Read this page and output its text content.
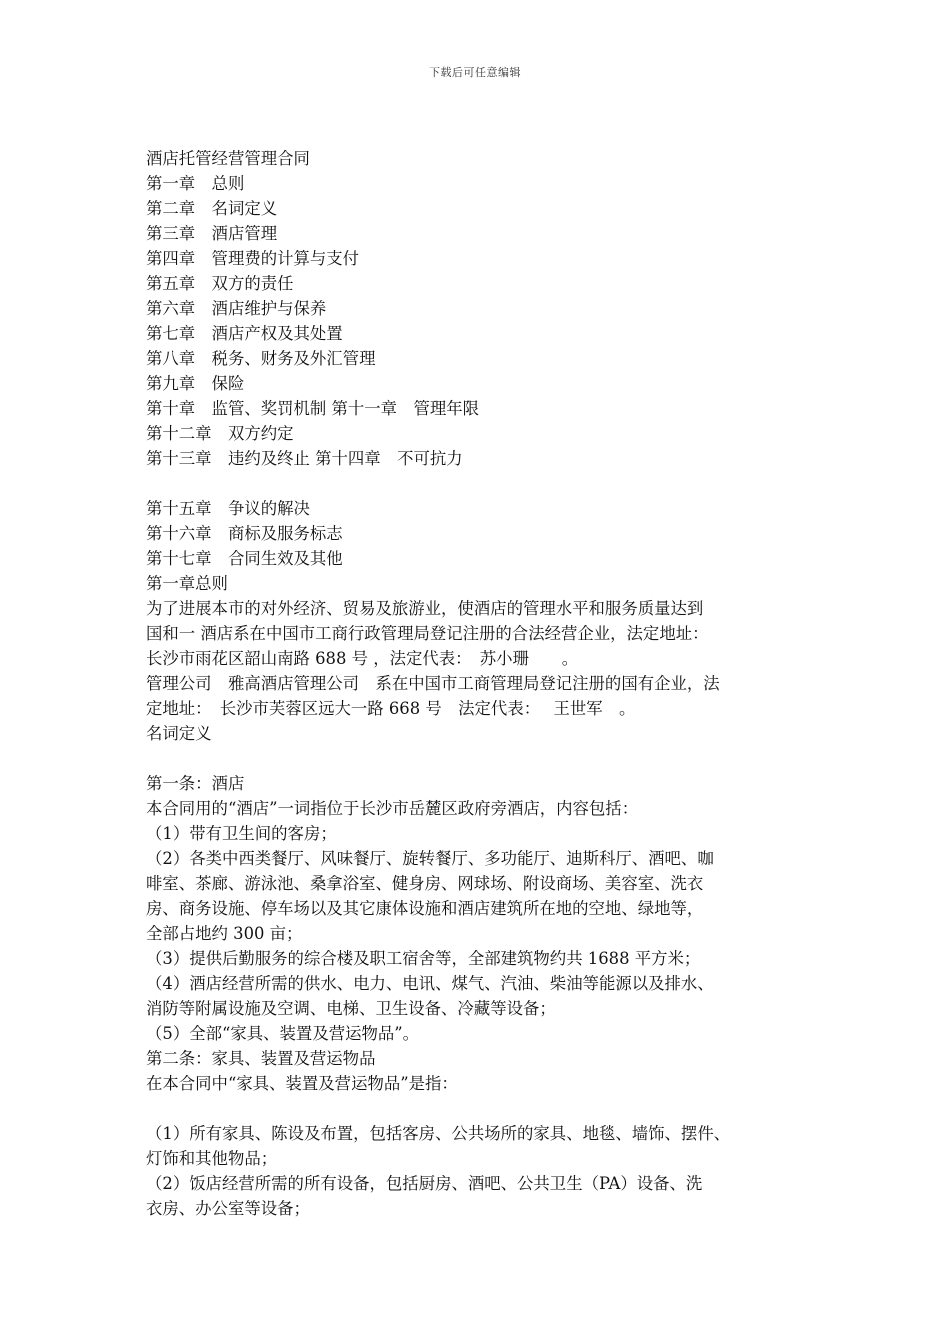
下载后可任意编辑
酒店托管经营管理合同
第一章　总则
第二章　名词定义
第三章　酒店管理
第四章　管理费的计算与支付
第五章　双方的责任
第六章　酒店维护与保养
第七章　酒店产权及其处置
第八章　税务、财务及外汇管理
第九章　保险
第十章　监管、奖罚机制 第十一章　管理年限
第十二章　双方约定
第十三章　违约及终止 第十四章　不可抗力
第十五章　争议的解决
第十六章　商标及服务标志
第十七章　合同生效及其他
第一章总则
为了进展本市的对外经济、贸易及旅游业，使酒店的管理水平和服务质量达到
国和一 酒店系在中国市工商行政管理局登记注册的合法经营企业，法定地址：
长沙市雨花区韶山南路 688 号 ，法定代表：　苏小珊　　。
管理公司　雅高酒店管理公司　系在中国市工商管理局登记注册的国有企业，法
定地址：　长沙市芙蓉区远大一路 668 号　法定代表：　 王世军　。
名词定义
第一条：酒店
本合同用的“酒店”一词指位于长沙市岳麓区政府旁酒店，内容包括：
（1）带有卫生间的客房；
（2）各类中西类餐厅、风味餐厅、旋转餐厅、多功能厅、迪斯科厅、酒吧、咖
啡室、茶廊、游泳池、桑拿浴室、健身房、网球场、附设商场、美容室、洗衣
房、商务设施、停车场以及其它康体设施和酒店建筑所在地的空地、绿地等，
全部占地约 300 亩；
（3）提供后勤服务的综合楼及职工宿舍等，全部建筑物约共 1688 平方米；
（4）酒店经营所需的供水、电力、电讯、煤气、汽油、柴油等能源以及排水、
消防等附属设施及空调、电梯、卫生设备、冷藏等设备；
（5）全部“家具、装置及营运物品”。
第二条：家具、装置及营运物品
在本合同中“家具、装置及营运物品”是指：
（1）所有家具、陈设及布置，包括客房、公共场所的家具、地毯、墙饰、摆件、
灯饰和其他物品；
（2）饭店经营所需的所有设备，包括厨房、酒吧、公共卫生（PA）设备、洗
衣房、办公室等设备；
